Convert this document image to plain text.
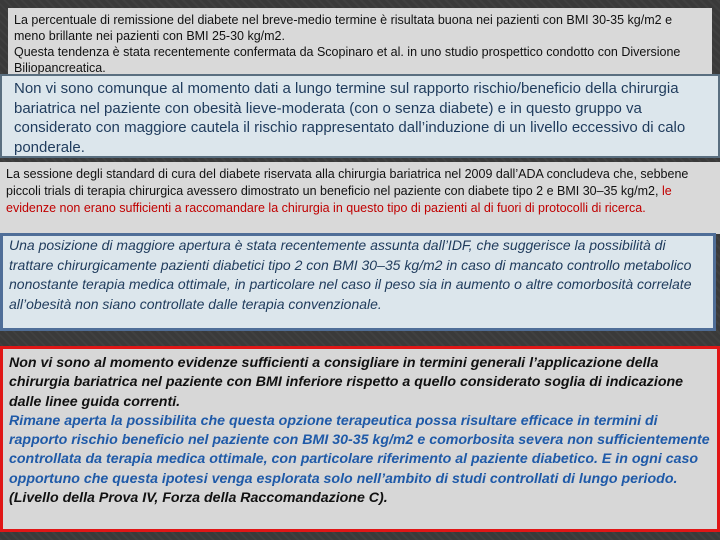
La percentuale di remissione del diabete nel breve-medio termine è risultata buona nei pazienti con BMI 30-35 kg/m2 e meno brillante nei pazienti con BMI 25-30 kg/m2.

Questa tendenza è stata recentemente confermata da Scopinaro et al. in uno studio prospettico condotto con Diversione Biliopancreatica.

Non vi sono comunque al momento dati a lungo termine sul rapporto rischio/beneficio della chirurgia bariatrica nel paziente con obesità lieve-moderata (con o senza diabete) e in questo gruppo va considerato con maggiore cautela il rischio rappresentato dall’induzione di un livello eccessivo di calo ponderale.

La sessione degli standard di cura del diabete riservata alla chirurgia bariatrica nel 2009 dall’ADA concludeva che, sebbene piccoli trials di terapia chirurgica avessero dimostrato un beneficio nel paziente con diabete tipo 2 e BMI 30–35 kg/m2, le evidenze non erano sufficienti a raccomandare la chirurgia in questo tipo di pazienti al di fuori di protocolli di ricerca.

Una posizione di maggiore apertura è stata recentemente assunta dall’IDF, che suggerisce la possibilità di trattare chirurgicamente pazienti diabetici tipo 2 con BMI 30–35 kg/m2 in caso di mancato controllo metabolico nonostante terapia medica ottimale, in particolare nel caso il peso sia in aumento o altre comorbosità correlate all’obesità non siano controllate dalle terapia convenzionale.

Non vi sono al momento evidenze sufficienti a consigliare in termini generali l’applicazione della chirurgia bariatrica nel paziente con BMI inferiore rispetto a quello considerato soglia di indicazione dalle linee guida correnti.

Rimane aperta la possibilita che questa opzione terapeutica possa risultare efficace in termini di rapporto rischio beneficio nel paziente con BMI 30‑35 kg/m2 e comorbosita severa non sufficientemente controllata da terapia medica ottimale, con particolare riferimento al paziente diabetico. E in ogni caso opportuno che questa ipotesi venga esplorata solo nell’ambito di studi controllati di lungo periodo.

(Livello della Prova IV, Forza della Raccomandazione C).
